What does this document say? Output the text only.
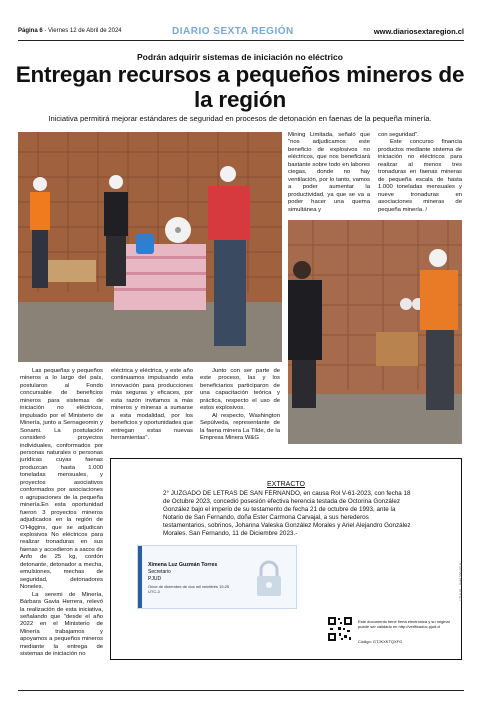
Página 6 - Viernes 12 de Abril de 2024	DIARIO SEXTA REGIÓN	www.diariosextaregion.cl
Podrán adquirir sistemas de iniciación no eléctrico
Entregan recursos a pequeños mineros de la región
Iniciativa permitirá mejorar estándares de seguridad en procesos de detonación en faenas de la pequeña minería.

Las pequeñas y pequeños mineros a lo largo del país, postularon al Fondo concursable de beneficios mineros para sistemas de iniciación no eléctricos, impulsado por el Ministerio de Minería, junto a Sernageomin y Sonami. La postulación consideró proyectos individuales, conformados por personas naturales o personas jurídicas cuyas faenas produzcan hasta 1.000 toneladas mensuales, y proyectos asociativos conformados por asociaciones o agrupaciones de la pequeña minería.En esta oportunidad fueron 3 proyectos mineros adjudicados en la región de O'Higgins, que se adjudican explosivos No eléctricos para realizar tronaduras en sus faenas y accedieron a sacos de Anfo de 25 kg, cordón detonante, detonador a mecha, emulsiones, mechas de seguridad, detonadores Noneles.

La seremi de Minería, Bárbara Gavia Herrera, relevó la realización de esta iniciativa, señalando que "desde el año 2022 en el Ministerio de Minería trabajamos y apoyamos a pequeños mineros mediante la entrega de sistemas de iniciación no

eléctrica y eléctrica, y este año continuamos impulsando esta innovación para producciones más seguras y eficaces, por esta razón invitamos a más mineros y mineras a sumarse a esta modalidad, por los beneficios y oportunidades que entregan estas nuevas herramientas".

Junto con ser parte de este proceso, las y los beneficiarios participaron de una capacitación teórica y práctica, respecto el uso de estos explosivos.

Al respecto, Washington Sepúlveda, representante de la faena minera La Tilde, de la Empresa Minera W&G

Mining Limitada, señaló que "nos adjudicamos este beneficio de explosivos no eléctricos, que nos beneficiará bastante sobre todo en labores ciegas, donde no hay ventilación, por lo tanto, vamos a poder aumentar la productividad, ya que se va a poder hacer una quema simultánea y

con seguridad".

Este concurso financia productos mediante sistema de iniciación no eléctricos para realizar al menos tres tronaduras en faenas mineras de pequeña escala de hasta 1.000 toneladas mensuales y nueve tronaduras en asociaciones mineras de pequeña minería. /

EXTRACTO
2° JUZGADO DE LETRAS DE SAN FERNANDO, en causa Rol V-61-2023, con fecha 18 de Octubre 2023, concedió posesión efectiva herencia testada de Octorina González González bajo el imperio de su testamento de fecha 21 de octubre de 1993, ante la Notario de San Fernando, doña Ester Carmona Carvajal, a sus herederos testamentarios, sobrinos, Johanna Valeska González Morales y Ariel Alejandro González Morales. San Fernando, 11 de Diciembre 2023.-
Ximena Luz Guzmán Torres
Secretario
PJUD
Once de diciembre de dos mil veintitrés 15:25 UTC-3
Este documento tiene firma electrónica y su original puede ser validado en http://verificadoc.pjud.cl
Código: GTJKXKTQXFG
1716-01 - 0461230-02-8
